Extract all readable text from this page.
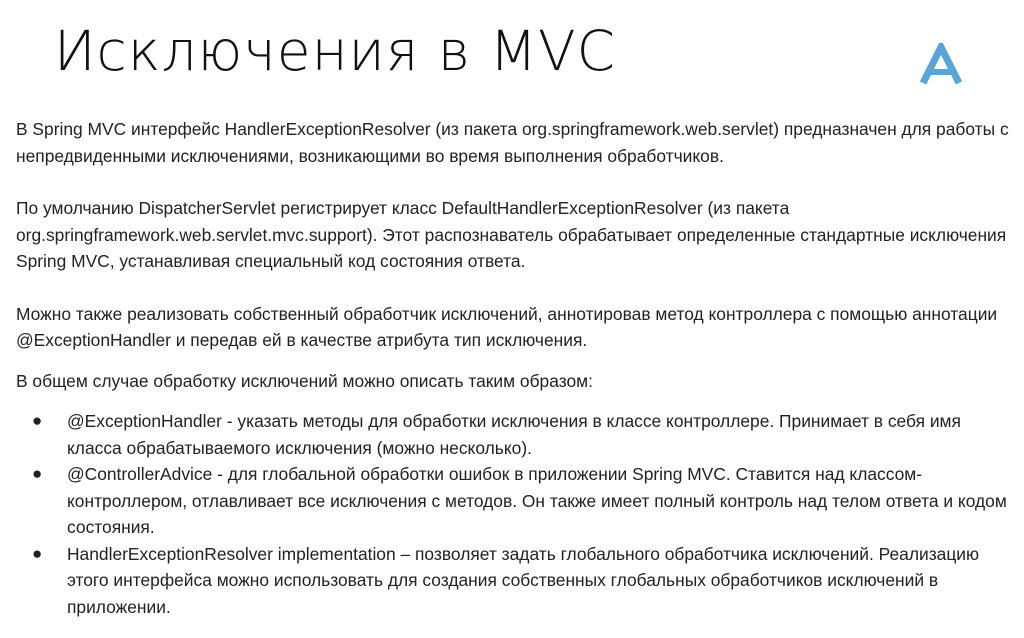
Исключения в MVC

В Spring MVC интерфейс HandlerExceptionResolver (из пакета org.springframework.web.servlet) предназначен для работы с непредвиденными исключениями, возникающими во время выполнения обработчиков.

По умолчанию DispatcherServlet регистрирует класс DefaultHandlerExceptionResolver (из пакета org.springframework.web.servlet.mvc.support). Этот распознаватель обрабатывает определенные стандартные исключения Spring MVC, устанавливая специальный код состояния ответа.

Можно также реализовать собственный обработчик исключений, аннотировав метод контроллера с помощью аннотации @ExceptionHandler и передав ей в качестве атрибута тип исключения.

В общем случае обработку исключений можно описать таким образом:

● @ExceptionHandler - указать методы для обработки исключения в классе контроллере. Принимает в себя имя класса обрабатываемого исключения (можно несколько).
● @ControllerAdvice - для глобальной обработки ошибок в приложении Spring MVC. Ставится над классом-контроллером, отлавливает все исключения с методов. Он также имеет полный контроль над телом ответа и кодом состояния.
● HandlerExceptionResolver implementation – позволяет задать глобального обработчика исключений. Реализацию этого интерфейса можно использовать для создания собственных глобальных обработчиков исключений в приложении.
